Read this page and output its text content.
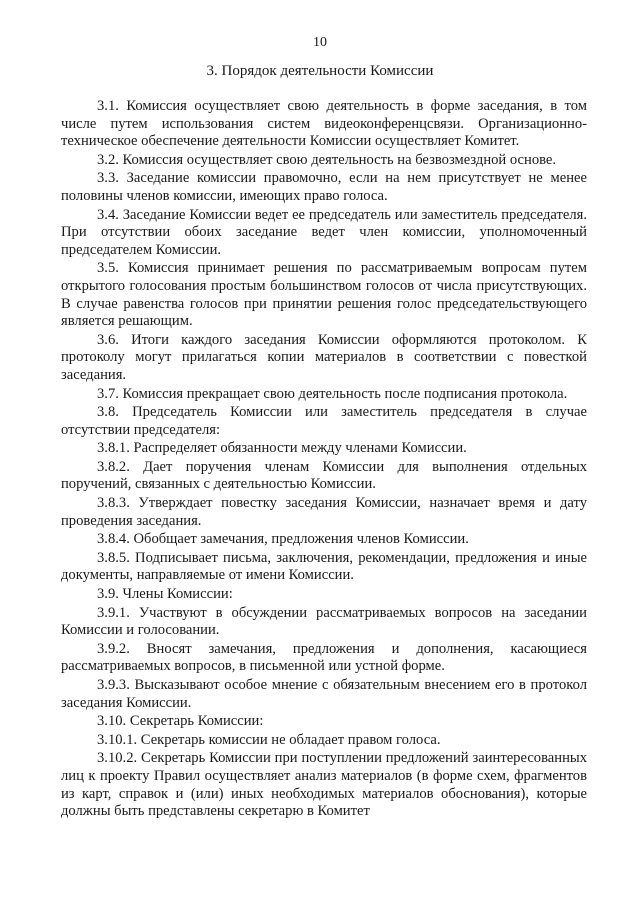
10
3. Порядок деятельности Комиссии

3.1. Комиссия осуществляет свою деятельность в форме заседания, в том числе путем использования систем видеоконференцсвязи. Организационно-техническое обеспечение деятельности Комиссии осуществляет Комитет.

3.2. Комиссия осуществляет свою деятельность на безвозмездной основе.

3.3. Заседание комиссии правомочно, если на нем присутствует не менее половины членов комиссии, имеющих право голоса.

3.4. Заседание Комиссии ведет ее председатель или заместитель председателя. При отсутствии обоих заседание ведет член комиссии, уполномоченный председателем Комиссии.

3.5. Комиссия принимает решения по рассматриваемым вопросам путем открытого голосования простым большинством голосов от числа присутствующих. В случае равенства голосов при принятии решения голос председательствующего является решающим.

3.6. Итоги каждого заседания Комиссии оформляются протоколом. К протоколу могут прилагаться копии материалов в соответствии с повесткой заседания.

3.7. Комиссия прекращает свою деятельность после подписания протокола.

3.8. Председатель Комиссии или заместитель председателя в случае отсутствии председателя:

3.8.1. Распределяет обязанности между членами Комиссии.

3.8.2. Дает поручения членам Комиссии для выполнения отдельных поручений, связанных с деятельностью Комиссии.

3.8.3. Утверждает повестку заседания Комиссии, назначает время и дату проведения заседания.

3.8.4. Обобщает замечания, предложения членов Комиссии.

3.8.5. Подписывает письма, заключения, рекомендации, предложения и иные документы, направляемые от имени Комиссии.

3.9. Члены Комиссии:

3.9.1. Участвуют в обсуждении рассматриваемых вопросов на заседании Комиссии и голосовании.

3.9.2. Вносят замечания, предложения и дополнения, касающиеся рассматриваемых вопросов, в письменной или устной форме.

3.9.3. Высказывают особое мнение с обязательным внесением его в протокол заседания Комиссии.

3.10. Секретарь Комиссии:

3.10.1. Секретарь комиссии не обладает правом голоса.

3.10.2. Секретарь Комиссии при поступлении предложений заинтересованных лиц к проекту Правил осуществляет анализ материалов (в форме схем, фрагментов из карт, справок и (или) иных необходимых материалов обоснования), которые должны быть представлены секретарю в Комитет
